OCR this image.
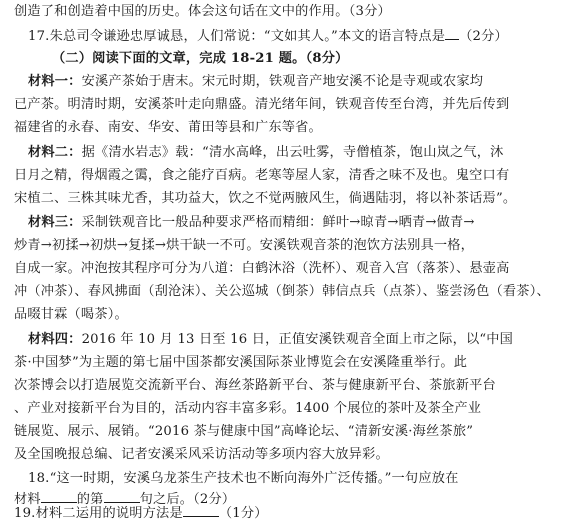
创造了和创造着中国的历史。体会这句话在文中的作用。（3分）
17.朱总司令谦逊忠厚诚恳，人们常说：“文如其人。”本文的语言特点是 （2分）
（二）阅读下面的文章，完成 18-21 题。（8分）
材料一：安溪产茶始于唐末。宋元时期，铁观音产地安溪不论是寺观或农家均
已产茶。明清时期，安溪茶叶走向鼎盛。清光绪年间，铁观音传至台湾，并先后传到
福建省的永春、南安、华安、莆田等县和广东等省。
材料二：据《清水岩志》载：“清水高峰，出云吐雾，寺僧植茶，饱山岚之气，沐
日月之精，得烟霞之霭，食之能疗百病。老寒等屋人家，清香之味不及也。鬼空口有
宋植二、三株其味尤香，其功益大，饮之不觉两腋风生，倘遇陆羽，将以补茶话焉”。
材料三：采制铁观音比一般品种要求严格而精细：鲜叶→晾青→晒青→做青→
炒青→初揉→初烘→复揉→烘干缺一不可。安溪铁观音茶的泡饮方法别具一格，
自成一家。冲泡按其程序可分为八道：白鹤沐浴（洗杯）、观音入宫（落茶）、悬壶高
冲（冲茶）、春风拂面（刮沧沫）、关公巡城（倒茶）韩信点兵（点茶）、鉴尝汤色（看茶）、
品啜甘霖（喝茶）。
材料四：2016 年 10 月 13 日至 16 日，正值安溪铁观音全面上市之际，以“中国
茶·中国梦”为主题的第七届中国茶都安溪国际茶业博览会在安溪隆重举行。此
次茶博会以打造展览交流新平台、海丝茶路新平台、茶与健康新平台、茶旅新平台
、产业对接新平台为目的，活动内容丰富多彩。1400 个展位的茶叶及茶全产业
链展览、展示、展销。“2016 茶与健康中国”高峰论坛、“清新安溪·海丝茶旅”
及全国晚报总编、记者安溪采风采访活动等多项内容大放异彩。
18.“这一时期，安溪乌龙茶生产技术也不断向海外广泛传播。”一句应放在
材料	的第	句之后。（2分）
19.材料二运用的说明方法是	（1分）
